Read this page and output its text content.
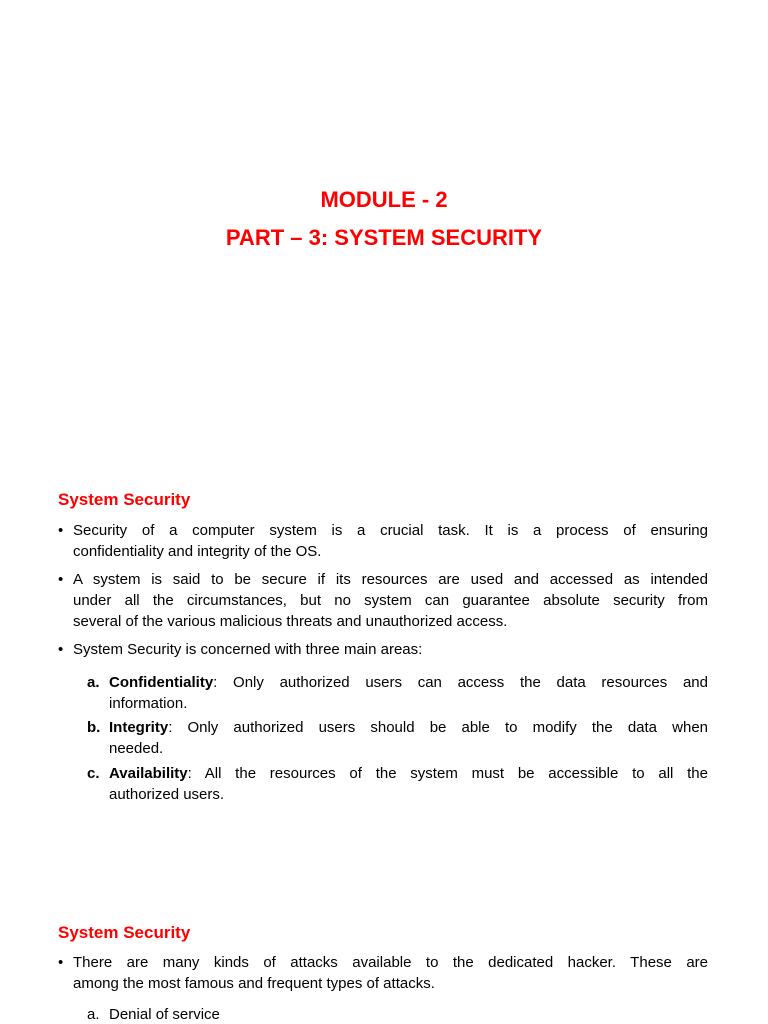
MODULE - 2
PART – 3: SYSTEM SECURITY
System Security
• Security of a computer system is a crucial task. It is a process of ensuring
confidentiality and integrity of the OS.
• A system is said to be secure if its resources are used and accessed as intended
under all the circumstances, but no system can guarantee absolute security from
several of the various malicious threats and unauthorized access.
• System Security is concerned with three main areas:
a. Confidentiality: Only authorized users can access the data resources and
information.
b. Integrity: Only authorized users should be able to modify the data when
needed.
c. Availability: All the resources of the system must be accessible to all the
authorized users.
System Security
• There are many kinds of attacks available to the dedicated hacker. These are
among the most famous and frequent types of attacks.
a. Denial of service
